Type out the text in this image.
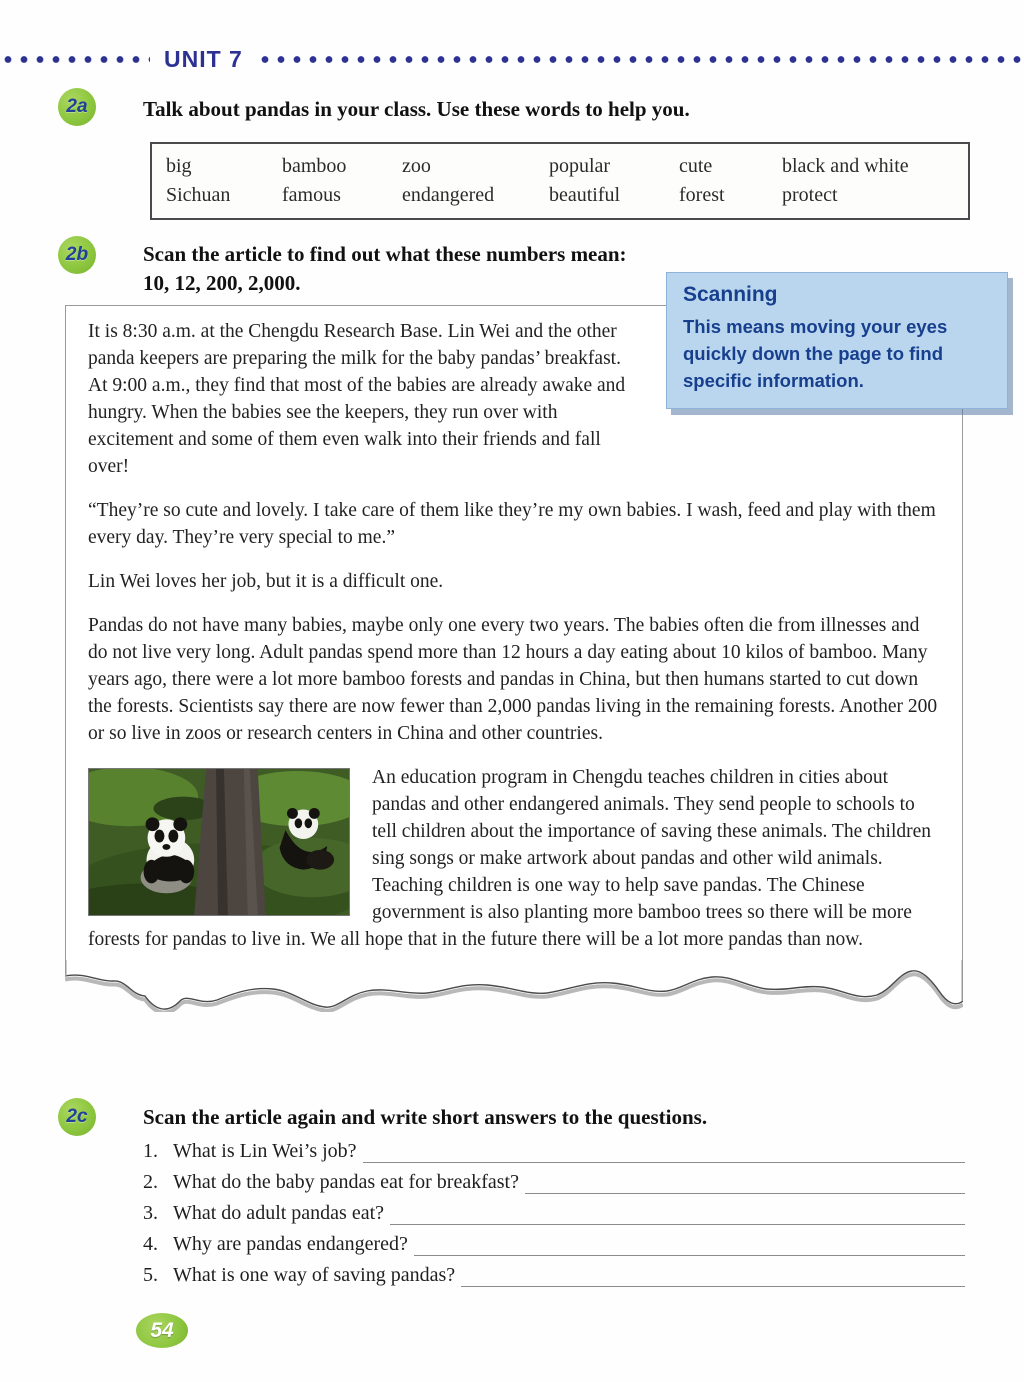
UNIT 7
2a	Talk about pandas in your class. Use these words to help you.
big	bamboo	zoo	popular	cute	black and white
Sichuan	famous	endangered	beautiful	forest	protect
2b	Scan the article to find out what these numbers mean:
10, 12, 200, 2,000.	Scanning
This means moving your eyes quickly down the page to find specific information.

It is 8:30 a.m. at the Chengdu Research Base. Lin Wei and the other panda keepers are preparing the milk for the baby pandas’ breakfast. At 9:00 a.m., they find that most of the babies are already awake and hungry. When the babies see the keepers, they run over with excitement and some of them even walk into their friends and fall over!

“They’re so cute and lovely. I take care of them like they’re my own babies. I wash, feed and play with them every day. They’re very special to me.”

Lin Wei loves her job, but it is a difficult one.

Pandas do not have many babies, maybe only one every two years. The babies often die from illnesses and do not live very long. Adult pandas spend more than 12 hours a day eating about 10 kilos of bamboo. Many years ago, there were a lot more bamboo forests and pandas in China, but then humans started to cut down the forests. Scientists say there are now fewer than 2,000 pandas living in the remaining forests. Another 200 or so live in zoos or research centers in China and other countries.

An education program in Chengdu teaches children in cities about pandas and other endangered animals. They send people to schools to tell children about the importance of saving these animals. The children sing songs or make artwork about pandas and other wild animals. Teaching children is one way to help save pandas. The Chinese government is also planting more bamboo trees so there will be more forests for pandas to live in. We all hope that in the future there will be a lot more pandas than now.

2c	Scan the article again and write short answers to the questions.
1. What is Lin Wei’s job?
2. What do the baby pandas eat for breakfast?
3. What do adult pandas eat?
4. Why are pandas endangered?
5. What is one way of saving pandas?
54
